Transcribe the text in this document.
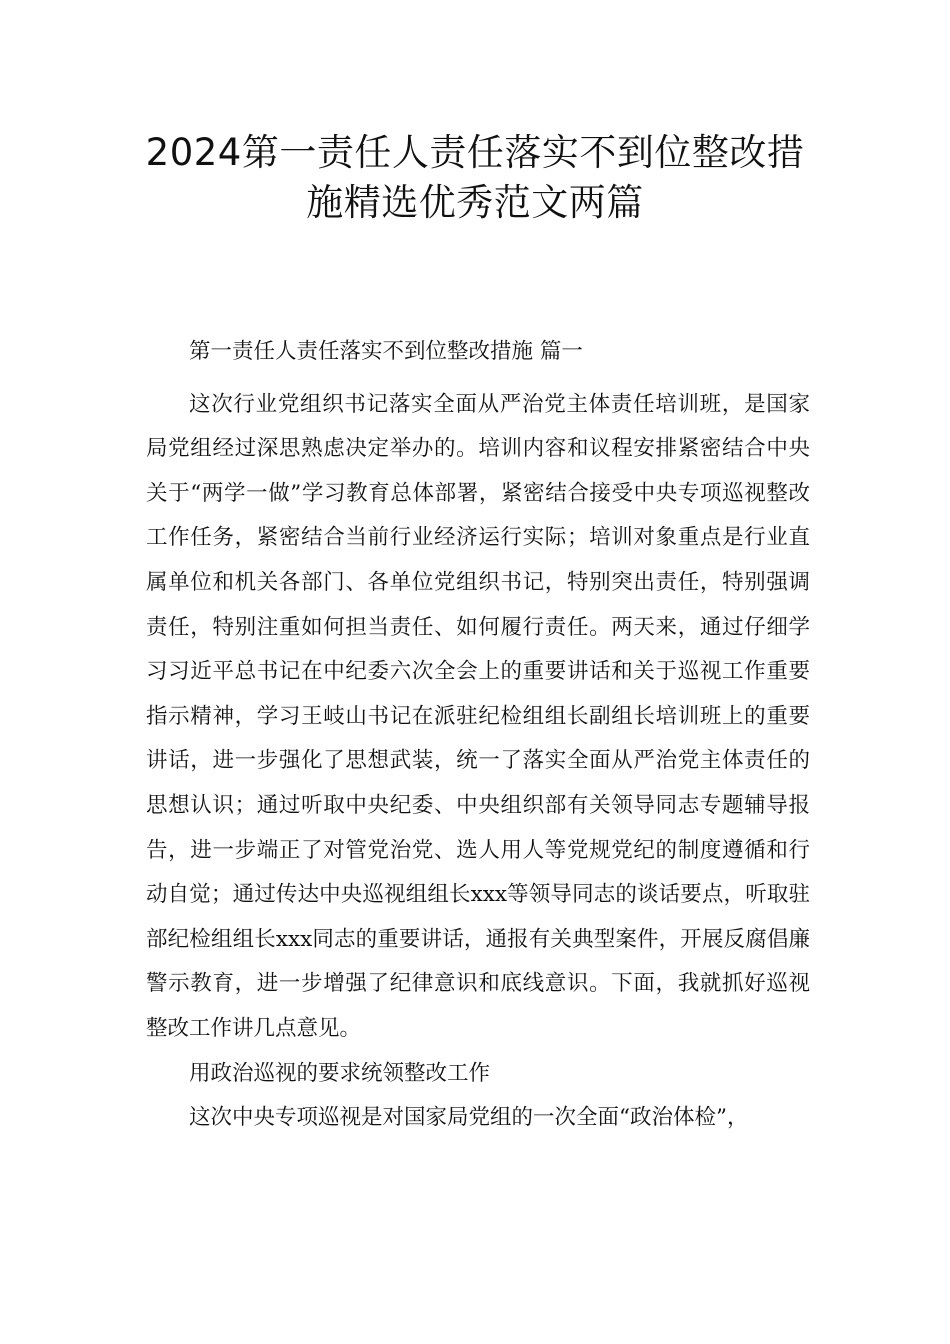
2024第一责任人责任落实不到位整改措
施精选优秀范文两篇

第一责任人责任落实不到位整改措施 篇一

这次行业党组织书记落实全面从严治党主体责任培训班，是国家局党组经过深思熟虑决定举办的。培训内容和议程安排紧密结合中央关于“两学一做”学习教育总体部署，紧密结合接受中央专项巡视整改工作任务，紧密结合当前行业经济运行实际；培训对象重点是行业直属单位和机关各部门、各单位党组织书记，特别突出责任，特别强调责任，特别注重如何担当责任、如何履行责任。两天来，通过仔细学习习近平总书记在中纪委六次全会上的重要讲话和关于巡视工作重要指示精神，学习王岐山书记在派驻纪检组组长副组长培训班上的重要讲话，进一步强化了思想武装，统一了落实全面从严治党主体责任的思想认识；通过听取中央纪委、中央组织部有关领导同志专题辅导报告，进一步端正了对管党治党、选人用人等党规党纪的制度遵循和行动自觉；通过传达中央巡视组组长xxx等领导同志的谈话要点，听取驻部纪检组组长xxx同志的重要讲话，通报有关典型案件，开展反腐倡廉警示教育，进一步增强了纪律意识和底线意识。下面，我就抓好巡视整改工作讲几点意见。

用政治巡视的要求统领整改工作

这次中央专项巡视是对国家局党组的一次全面“政治体检”，
